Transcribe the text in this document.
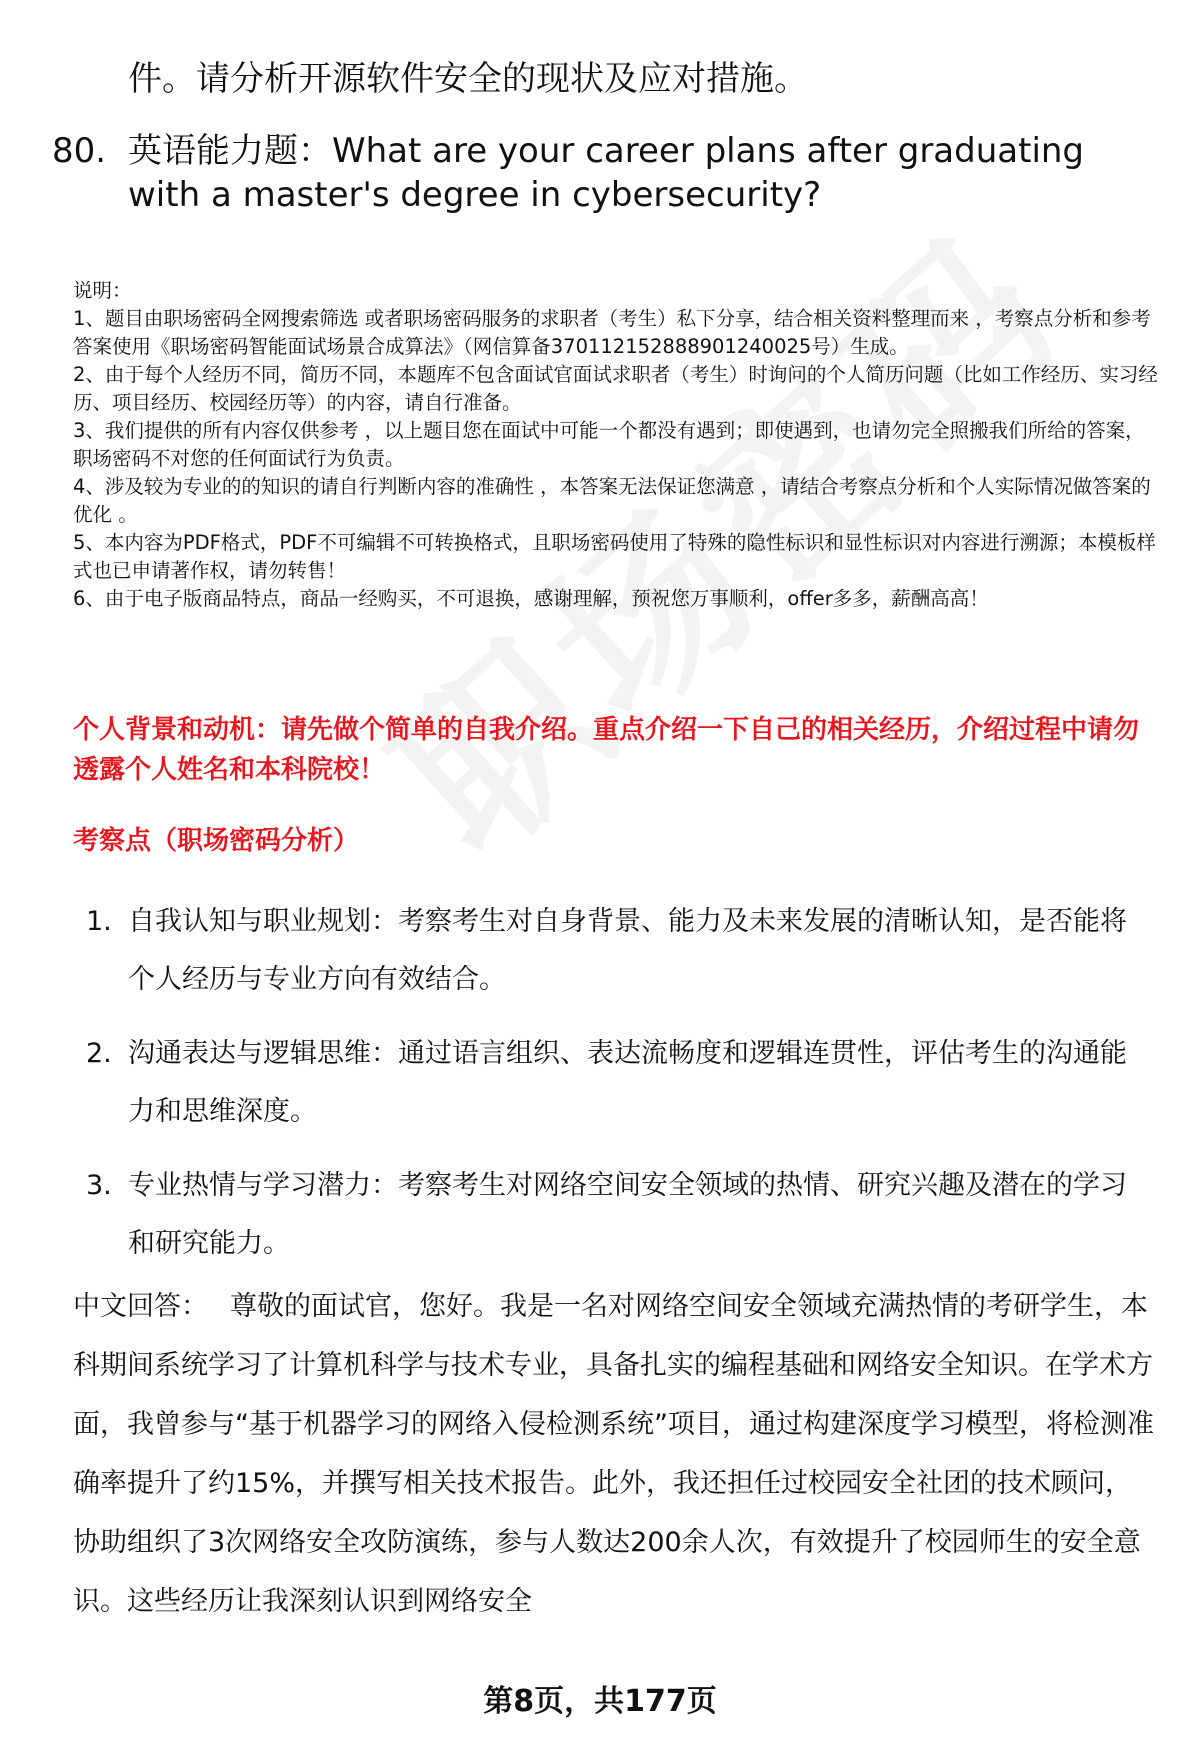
件。请分析开源软件安全的现状及应对措施。
80. 英语能力题：What are your career plans after graduating
with a master's degree in cybersecurity?

说明：

1、题目由职场密码全网搜索筛选 或者职场密码服务的求职者（考生）私下分享，结合相关资料整理而来 ，考察点分析和参考答案使用《职场密码智能面试场景合成算法》（网信算备370112152888901240025号）生成。

2、由于每个人经历不同，简历不同，本题库不包含面试官面试求职者（考生）时询问的个人简历问题（比如工作经历、实习经历、项目经历、校园经历等）的内容，请自行准备。

3、我们提供的所有内容仅供参考 ，以上题目您在面试中可能一个都没有遇到；即使遇到，也请勿完全照搬我们所给的答案，职场密码不对您的任何面试行为负责。

4、涉及较为专业的的知识的请自行判断内容的准确性 ，本答案无法保证您满意 ，请结合考察点分析和个人实际情况做答案的优化 。

5、本内容为PDF格式，PDF不可编辑不可转换格式，且职场密码使用了特殊的隐性标识和显性标识对内容进行溯源；本模板样式也已申请著作权，请勿转售！

6、由于电子版商品特点，商品一经购买，不可退换，感谢理解，预祝您万事顺利，offer多多，薪酬高高！

个人背景和动机：请先做个简单的自我介绍。重点介绍一下自己的相关经历，介绍过程中请勿透露个人姓名和本科院校！
考察点（职场密码分析）
1. 自我认知与职业规划：考察考生对自身背景、能力及未来发展的清晰认知，是否能将个人经历与专业方向有效结合。
2. 沟通表达与逻辑思维：通过语言组织、表达流畅度和逻辑连贯性，评估考生的沟通能力和思维深度。
3. 专业热情与学习潜力：考察考生对网络空间安全领域的热情、研究兴趣及潜在的学习和研究能力。
中文回答： 尊敬的面试官，您好。我是一名对网络空间安全领域充满热情的考研学生，本科期间系统学习了计算机科学与技术专业，具备扎实的编程基础和网络安全知识。在学术方面，我曾参与“基于机器学习的网络入侵检测系统”项目，通过构建深度学习模型，将检测准确率提升了约15%，并撰写相关技术报告。此外，我还担任过校园安全社团的技术顾问，协助组织了3次网络安全攻防演练，参与人数达200余人次，有效提升了校园师生的安全意识。这些经历让我深刻认识到网络安全
第8页，共177页
